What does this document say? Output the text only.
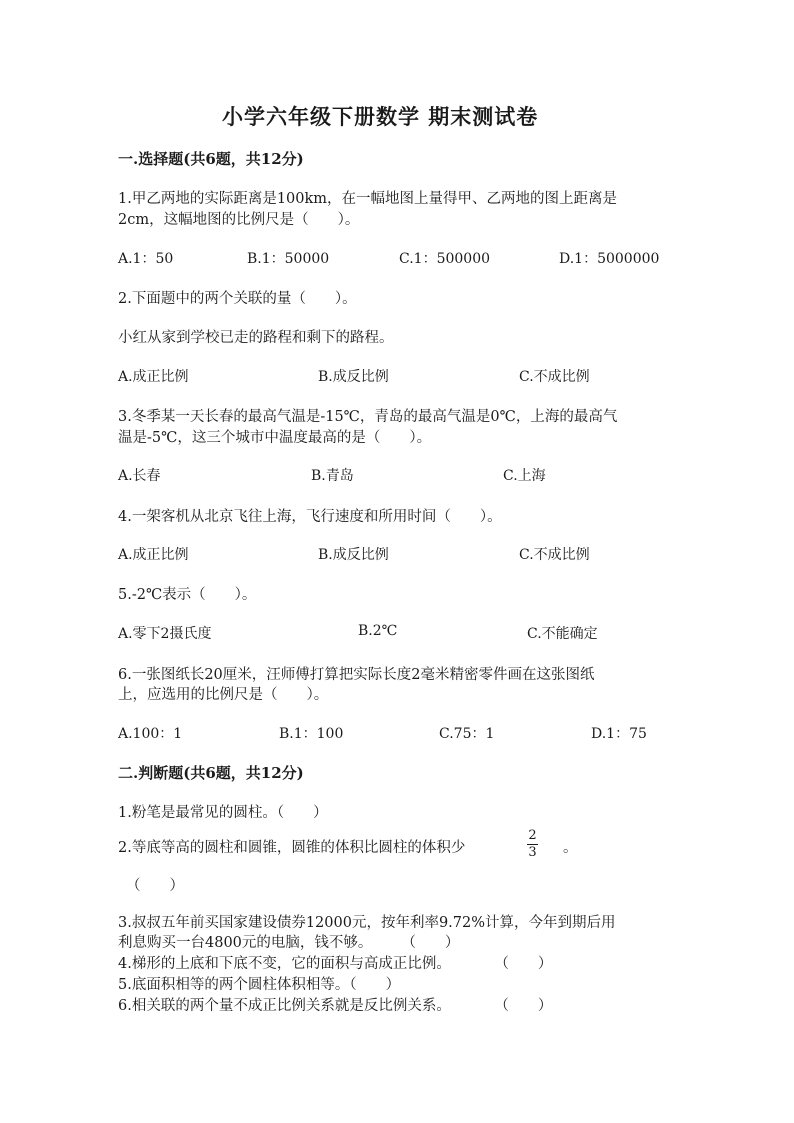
小学六年级下册数学 期末测试卷
一.选择题(共6题，共12分)
1.甲乙两地的实际距离是100km，在一幅地图上量得甲、乙两地的图上距离是
2cm，这幅地图的比例尺是（　　）。
A.1：50	B.1：50000	C.1：500000	D.1：5000000
2.下面题中的两个关联的量（　　）。
小红从家到学校已走的路程和剩下的路程。
A.成正比例	B.成反比例	C.不成比例
3.冬季某一天长春的最高气温是-15℃，青岛的最高气温是0℃，上海的最高气
温是-5℃，这三个城市中温度最高的是（　　）。
A.长春	B.青岛	C.上海
4.一架客机从北京飞往上海，飞行速度和所用时间（　　）。
A.成正比例	B.成反比例	C.不成比例
5.-2℃表示（　　）。
A.零下2摄氏度	B.2℃	C.不能确定
6.一张图纸长20厘米，汪师傅打算把实际长度2毫米精密零件画在这张图纸
上，应选用的比例尺是（　　）。
A.100：1	B.1：100	C.75：1	D.1：75
二.判断题(共6题，共12分)
1.粉笔是最常见的圆柱。（　　）
2.等底等高的圆柱和圆锥，圆锥的体积比圆柱的体积少
2
3 。
（　　）
3.叔叔五年前买国家建设债券12000元，按年利率9.72%计算，今年到期后用
利息购买一台4800元的电脑，钱不够。　　　（　　）
4.梯形的上底和下底不变，它的面积与高成正比例。　　　　（　　）
5.底面积相等的两个圆柱体积相等。（　　）
6.相关联的两个量不成正比例关系就是反比例关系。　　　　（　　）
